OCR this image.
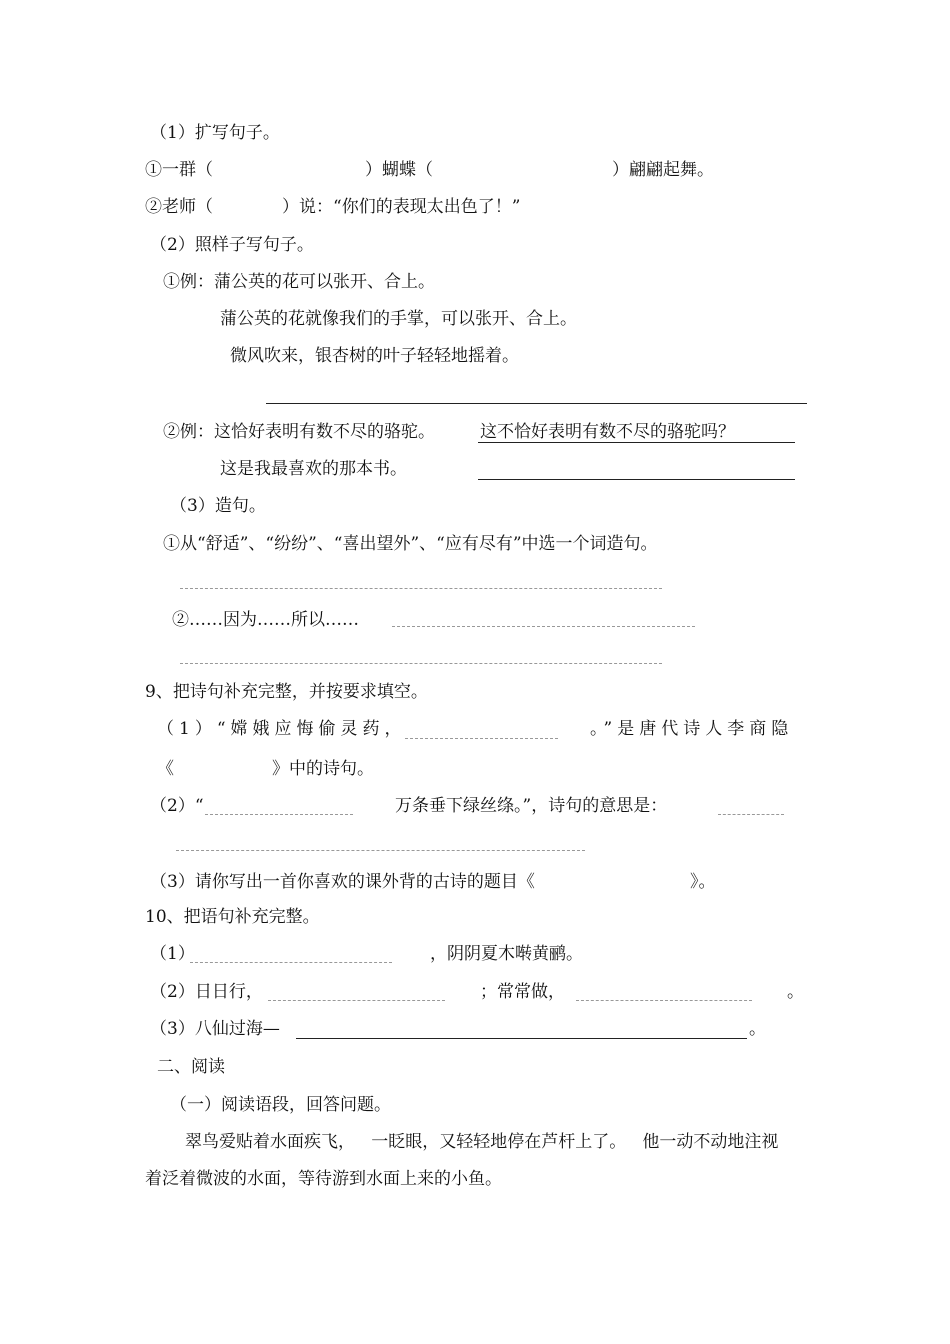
（1）扩写句子。
①一群（	）蝴蝶（	）翩翩起舞。
②老师（	）说：“你们的表现太出色了！”
（2）照样子写句子。
①例：蒲公英的花可以张开、合上。
蒲公英的花就像我们的手掌，可以张开、合上。
微风吹来，银杏树的叶子轻轻地摇着。
②例：这恰好表明有数不尽的骆驼。	这不恰好表明有数不尽的骆驼吗？
这是我最喜欢的那本书。
（3）造句。
①从“舒适”、“纷纷”、“喜出望外”、“应有尽有”中选一个词造句。
②……因为……所以……
9、把诗句补充完整，并按要求填空。
（1）“嫦娥应悔偷灵药，	。”是唐代诗人李商隐
《	》中的诗句。
（2）“	万条垂下绿丝绦。”，诗句的意思是：
（3）请你写出一首你喜欢的课外背的古诗的题目《	》。
10、把语句补充完整。
（1）	，阴阴夏木啭黄鹂。
（2）日日行，	；常常做，	。
（3）八仙过海—	。
二、阅读
（一）阅读语段，回答问题。
翠鸟爱贴着水面疾飞，   一眨眼，又轻轻地停在芦杆上了。   他一动不动地注视
着泛着微波的水面，等待游到水面上来的小鱼。
